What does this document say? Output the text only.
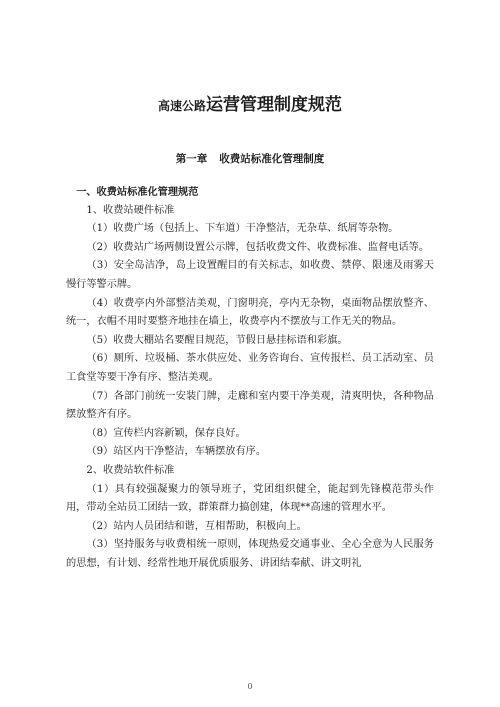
高速公路运营管理制度规范
第一章 收费站标准化管理制度

一、收费站标准化管理规范

1、收费站硬件标准

（1）收费广场（包括上、下车道）干净整洁，无杂草、纸屑等杂物。

（2）收费站广场两侧设置公示牌，包括收费文件、收费标准、监督电话等。

（3）安全岛洁净，岛上设置醒目的有关标志，如收费、禁停、限速及雨雾天慢行等警示牌。

（4）收费亭内外部整洁美观，门窗明亮，亭内无杂物，桌面物品摆放整齐、统一，衣帽不用时要整齐地挂在墙上，收费亭内不摆放与工作无关的物品。

（5）收费大棚站名要醒目规范，节假日悬挂标语和彩旗。

（6）厕所、垃圾桶、茶水供应处、业务咨询台、宣传报栏、员工活动室、员工食堂等要干净有序、整洁美观。

（7）各部门前统一安装门牌，走廊和室内要干净美观，清爽明快，各种物品摆放整齐有序。

（8）宣传栏内容新颖，保存良好。

（9）站区内干净整洁，车辆摆放有序。

2、收费站软件标准

（1）具有较强凝聚力的领导班子，党团组织健全，能起到先锋模范带头作用，带动全站员工团结一致，群策群力搞创建，体现**高速的管理水平。

（2）站内人员团结和谐，互相帮助，积极向上。

（3）坚持服务与收费相统一原则，体现热爱交通事业、全心全意为人民服务的思想，有计划、经常性地开展优质服务、讲团结奉献、讲文明礼

0
